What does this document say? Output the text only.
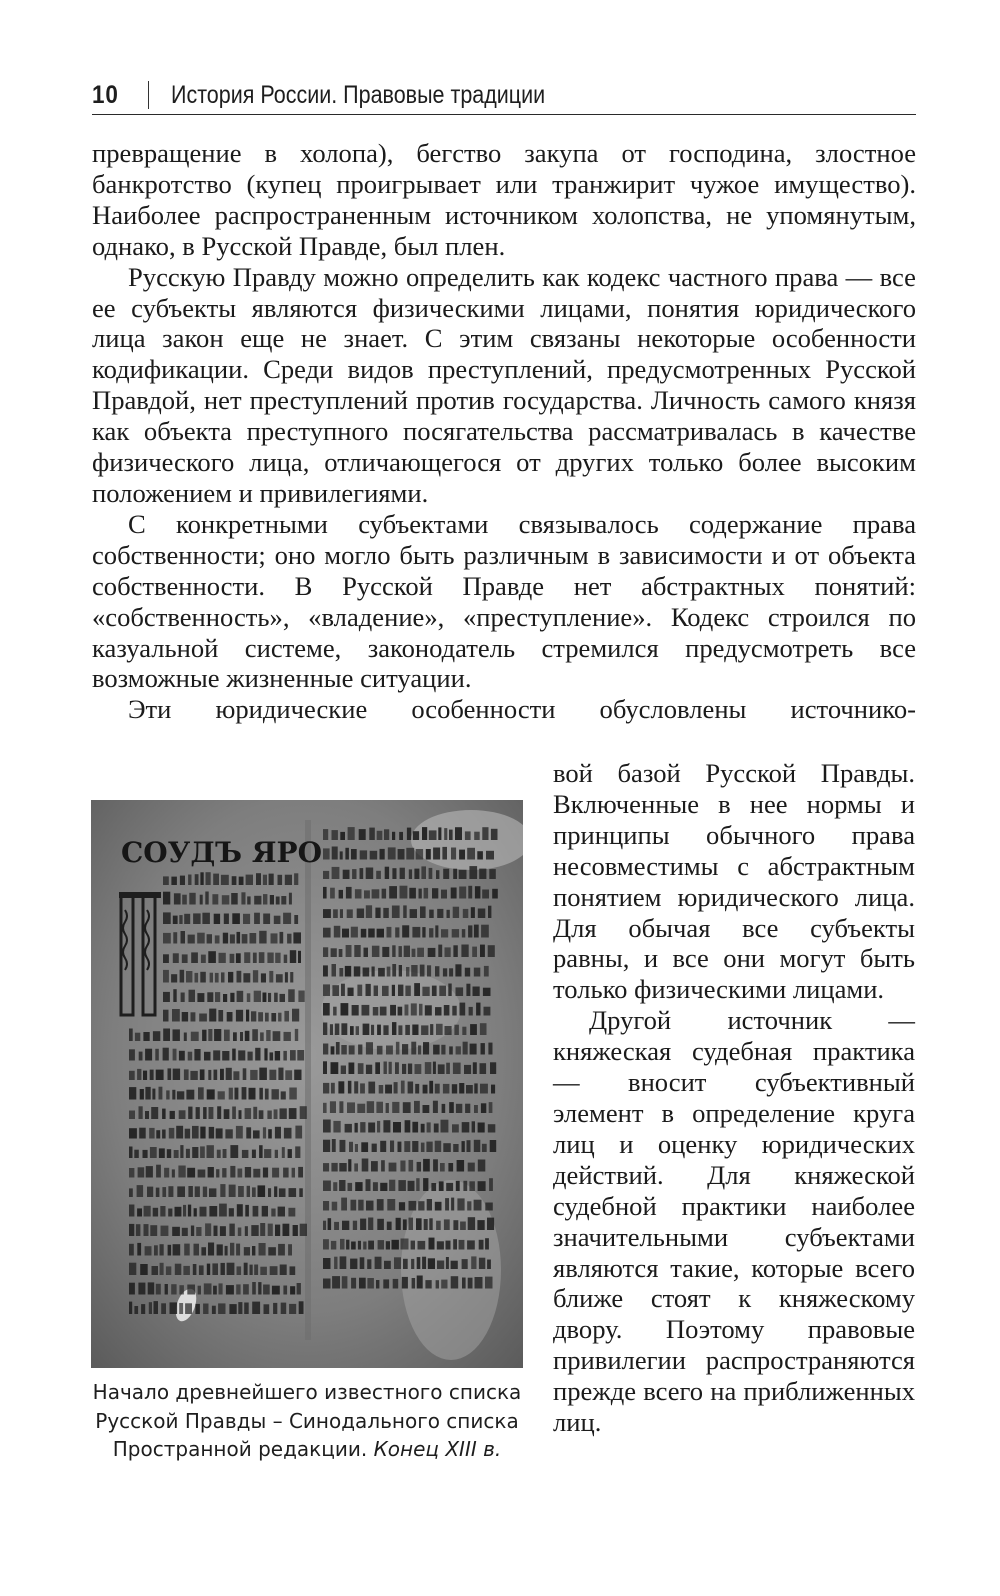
10 История России. Правовые традиции

превращение в холопа), бегство закупа от господина, злостное банкротство (купец проигрывает или транжирит чужое имущество). Наиболее распространенным источником холопства, не упомянутым, однако, в Русской Правде, был плен.

Русскую Правду можно определить как кодекс частного права — все ее субъекты являются физическими лицами, понятия юридического лица закон еще не знает. С этим связаны некоторые особенности кодификации. Среди видов преступлений, предусмотренных Русской Правдой, нет преступлений против государства. Личность самого князя как объекта преступного посягательства рассматривалась в качестве физического лица, отличающегося от других только более высоким положением и привилегиями.

С конкретными субъектами связывалось содержание права собственности; оно могло быть различным в зависимости и от объекта собственности. В Русской Правде нет абстрактных понятий: «собственность», «владение», «преступление». Кодекс строился по казуальной системе, законодатель стремился предусмотреть все возможные жизненные ситуации.

Эти юридические особенности обусловлены источнико-

СОУДЪ ЯРО
Начало древнейшего известного списка Русской Правды – Синодального списка Пространной редакции. Конец XIII в.

вой базой Русской Правды. Включенные в нее нормы и принципы обычного права несовместимы с абстрактным понятием юридического лица. Для обычая все субъекты равны, и все они могут быть только физическими лицами.

Другой источник — княжеская судебная практика — вносит субъективный элемент в определение круга лиц и оценку юридических действий. Для княжеской судебной практики наиболее значительными субъектами являются такие, которые всего ближе стоят к княжескому двору. Поэтому правовые привилегии распространяются прежде всего на приближенных лиц.
